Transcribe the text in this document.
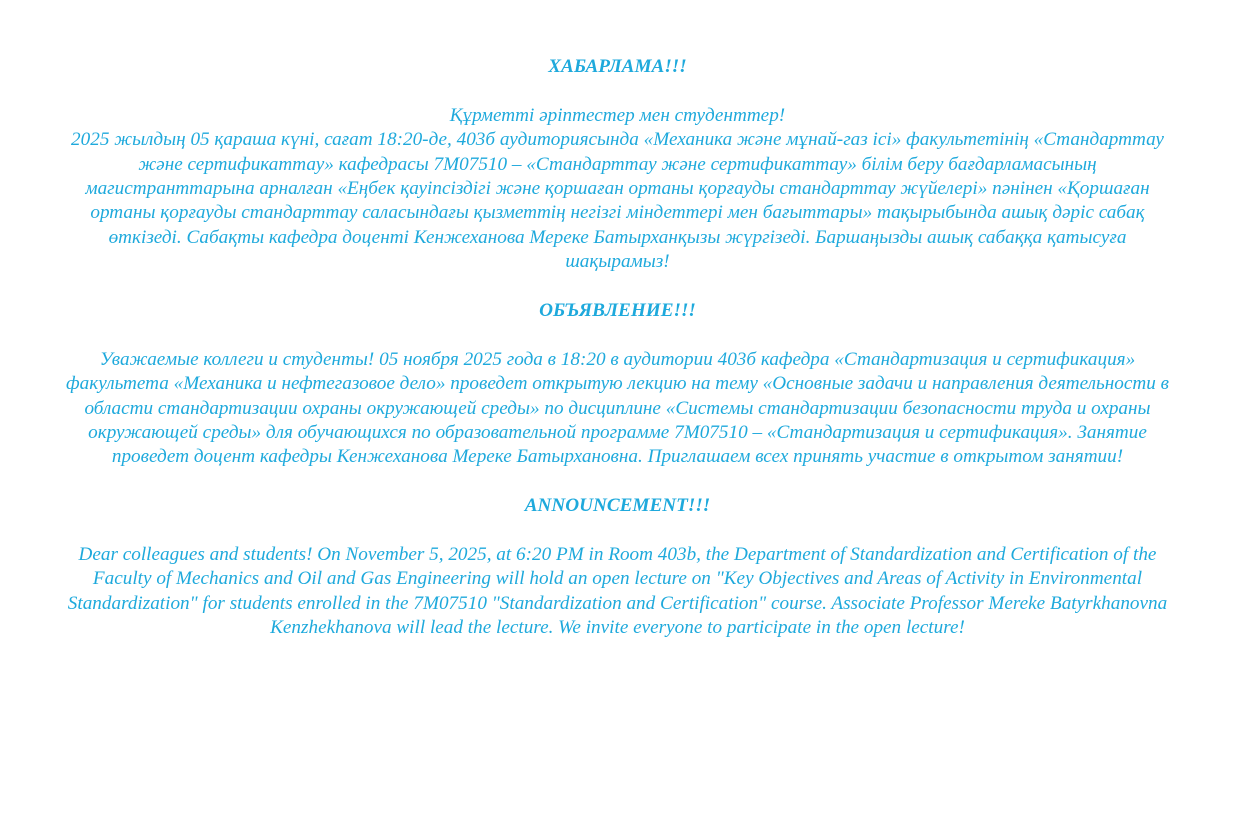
ХАБАРЛАМА!!!
Құрметті әріптестер мен студенттер!
2025 жылдың 05 қараша күні, сағат 18:20-де, 403б аудиториясында «Механика және мұнай-газ ісі» факультетінің «Стандарттау және сертификаттау» кафедрасы 7М07510 – «Стандарттау және сертификаттау» білім беру бағдарламасының магистранттарына арналған «Еңбек қауіпсіздігі және қоршаған ортаны қорғауды стандарттау жүйелері» пәнінен «Қоршаған ортаны қорғауды стандарттау саласындағы қызметтің негізгі міндеттері мен бағыттары» тақырыбында ашық дәріс сабақ өткізеді. Сабақты кафедра доценті Кенжеханова Мереке Батырханқызы жүргізеді. Баршаңызды ашық сабаққа қатысуға шақырамыз!
ОБЪЯВЛЕНИЕ!!!
Уважаемые коллеги и студенты! 05 ноября 2025 года в 18:20 в аудитории 403б кафедра «Стандартизация и сертификация» факультета «Механика и нефтегазовое дело» проведет открытую лекцию на тему «Основные задачи и направления деятельности в области стандартизации охраны окружающей среды» по дисциплине «Системы стандартизации безопасности труда и охраны окружающей среды» для обучающихся по образовательной программе 7М07510 – «Стандартизация и сертификация». Занятие проведет доцент кафедры Кенжеханова Мереке Батырхановна. Приглашаем всех принять участие в открытом занятии!
ANNOUNCEMENT!!!
Dear colleagues and students! On November 5, 2025, at 6:20 PM in Room 403b, the Department of Standardization and Certification of the Faculty of Mechanics and Oil and Gas Engineering will hold an open lecture on "Key Objectives and Areas of Activity in Environmental Standardization" for students enrolled in the 7M07510 "Standardization and Certification" course. Associate Professor Mereke Batyrkhanovna Kenzhekhanova will lead the lecture. We invite everyone to participate in the open lecture!
